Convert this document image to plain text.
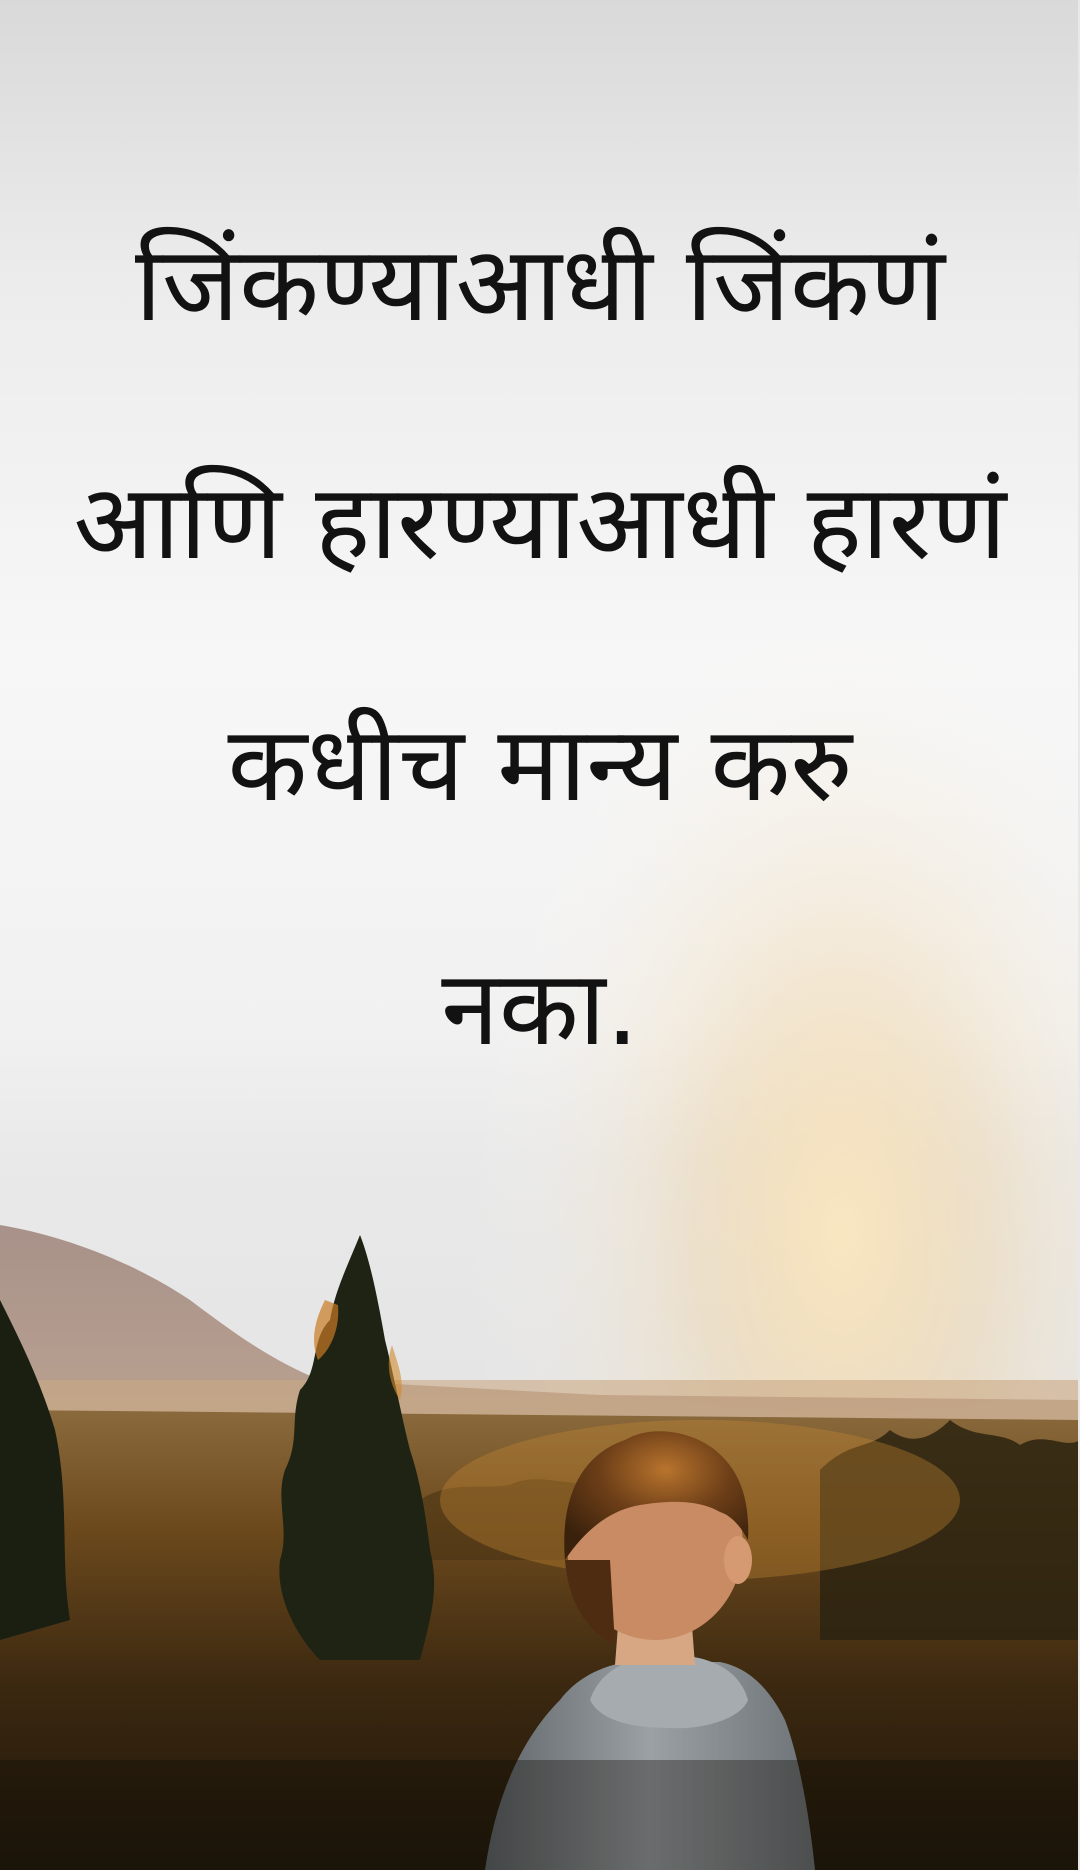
जिंकण्याआधी जिंकणं
आणि हारण्याआधी हारणं
कधीच मान्य करु
नका.
